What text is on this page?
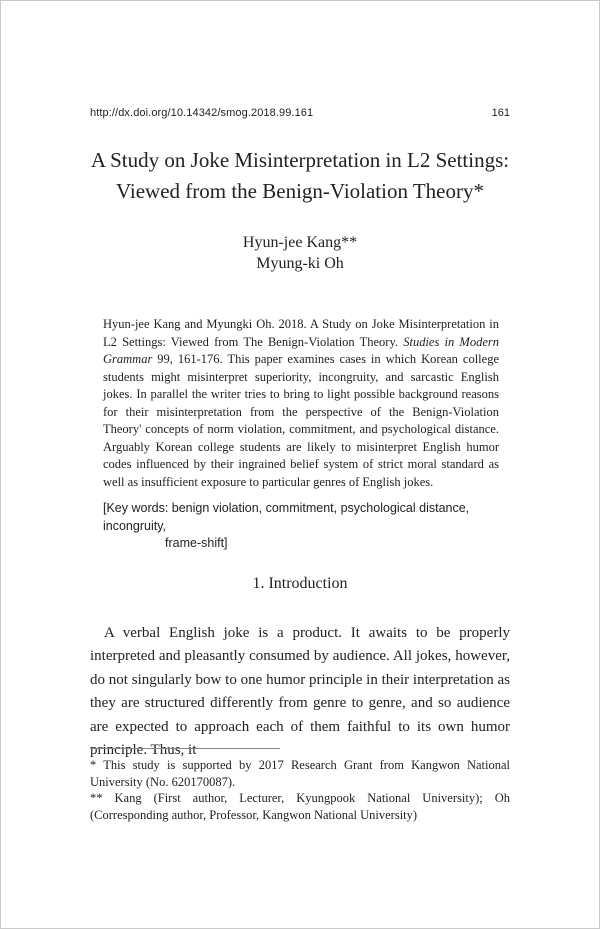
http://dx.doi.org/10.14342/smog.2018.99.161	161
A Study on Joke Misinterpretation in L2 Settings:
Viewed from the Benign-Violation Theory*
Hyun-jee Kang**
Myung-ki Oh
Hyun-jee Kang and Myungki Oh. 2018. A Study on Joke Misinterpretation in L2 Settings: Viewed from The Benign-Violation Theory. Studies in Modern Grammar 99, 161-176. This paper examines cases in which Korean college students might misinterpret superiority, incongruity, and sarcastic English jokes. In parallel the writer tries to bring to light possible background reasons for their misinterpretation from the perspective of the Benign-Violation Theory' concepts of norm violation, commitment, and psychological distance. Arguably Korean college students are likely to misinterpret English humor codes influenced by their ingrained belief system of strict moral standard as well as insufficient exposure to particular genres of English jokes.
[Key words: benign violation, commitment, psychological distance, incongruity,
frame-shift]
1. Introduction
A verbal English joke is a product. It awaits to be properly interpreted and pleasantly consumed by audience. All jokes, however, do not singularly bow to one humor principle in their interpretation as they are structured differently from genre to genre, and so audience are expected to approach each of them faithful to its own humor principle. Thus, it

* This study is supported by 2017 Research Grant from Kangwon National University (No. 620170087).

** Kang (First author, Lecturer, Kyungpook National University); Oh (Corresponding author, Professor, Kangwon National University)
